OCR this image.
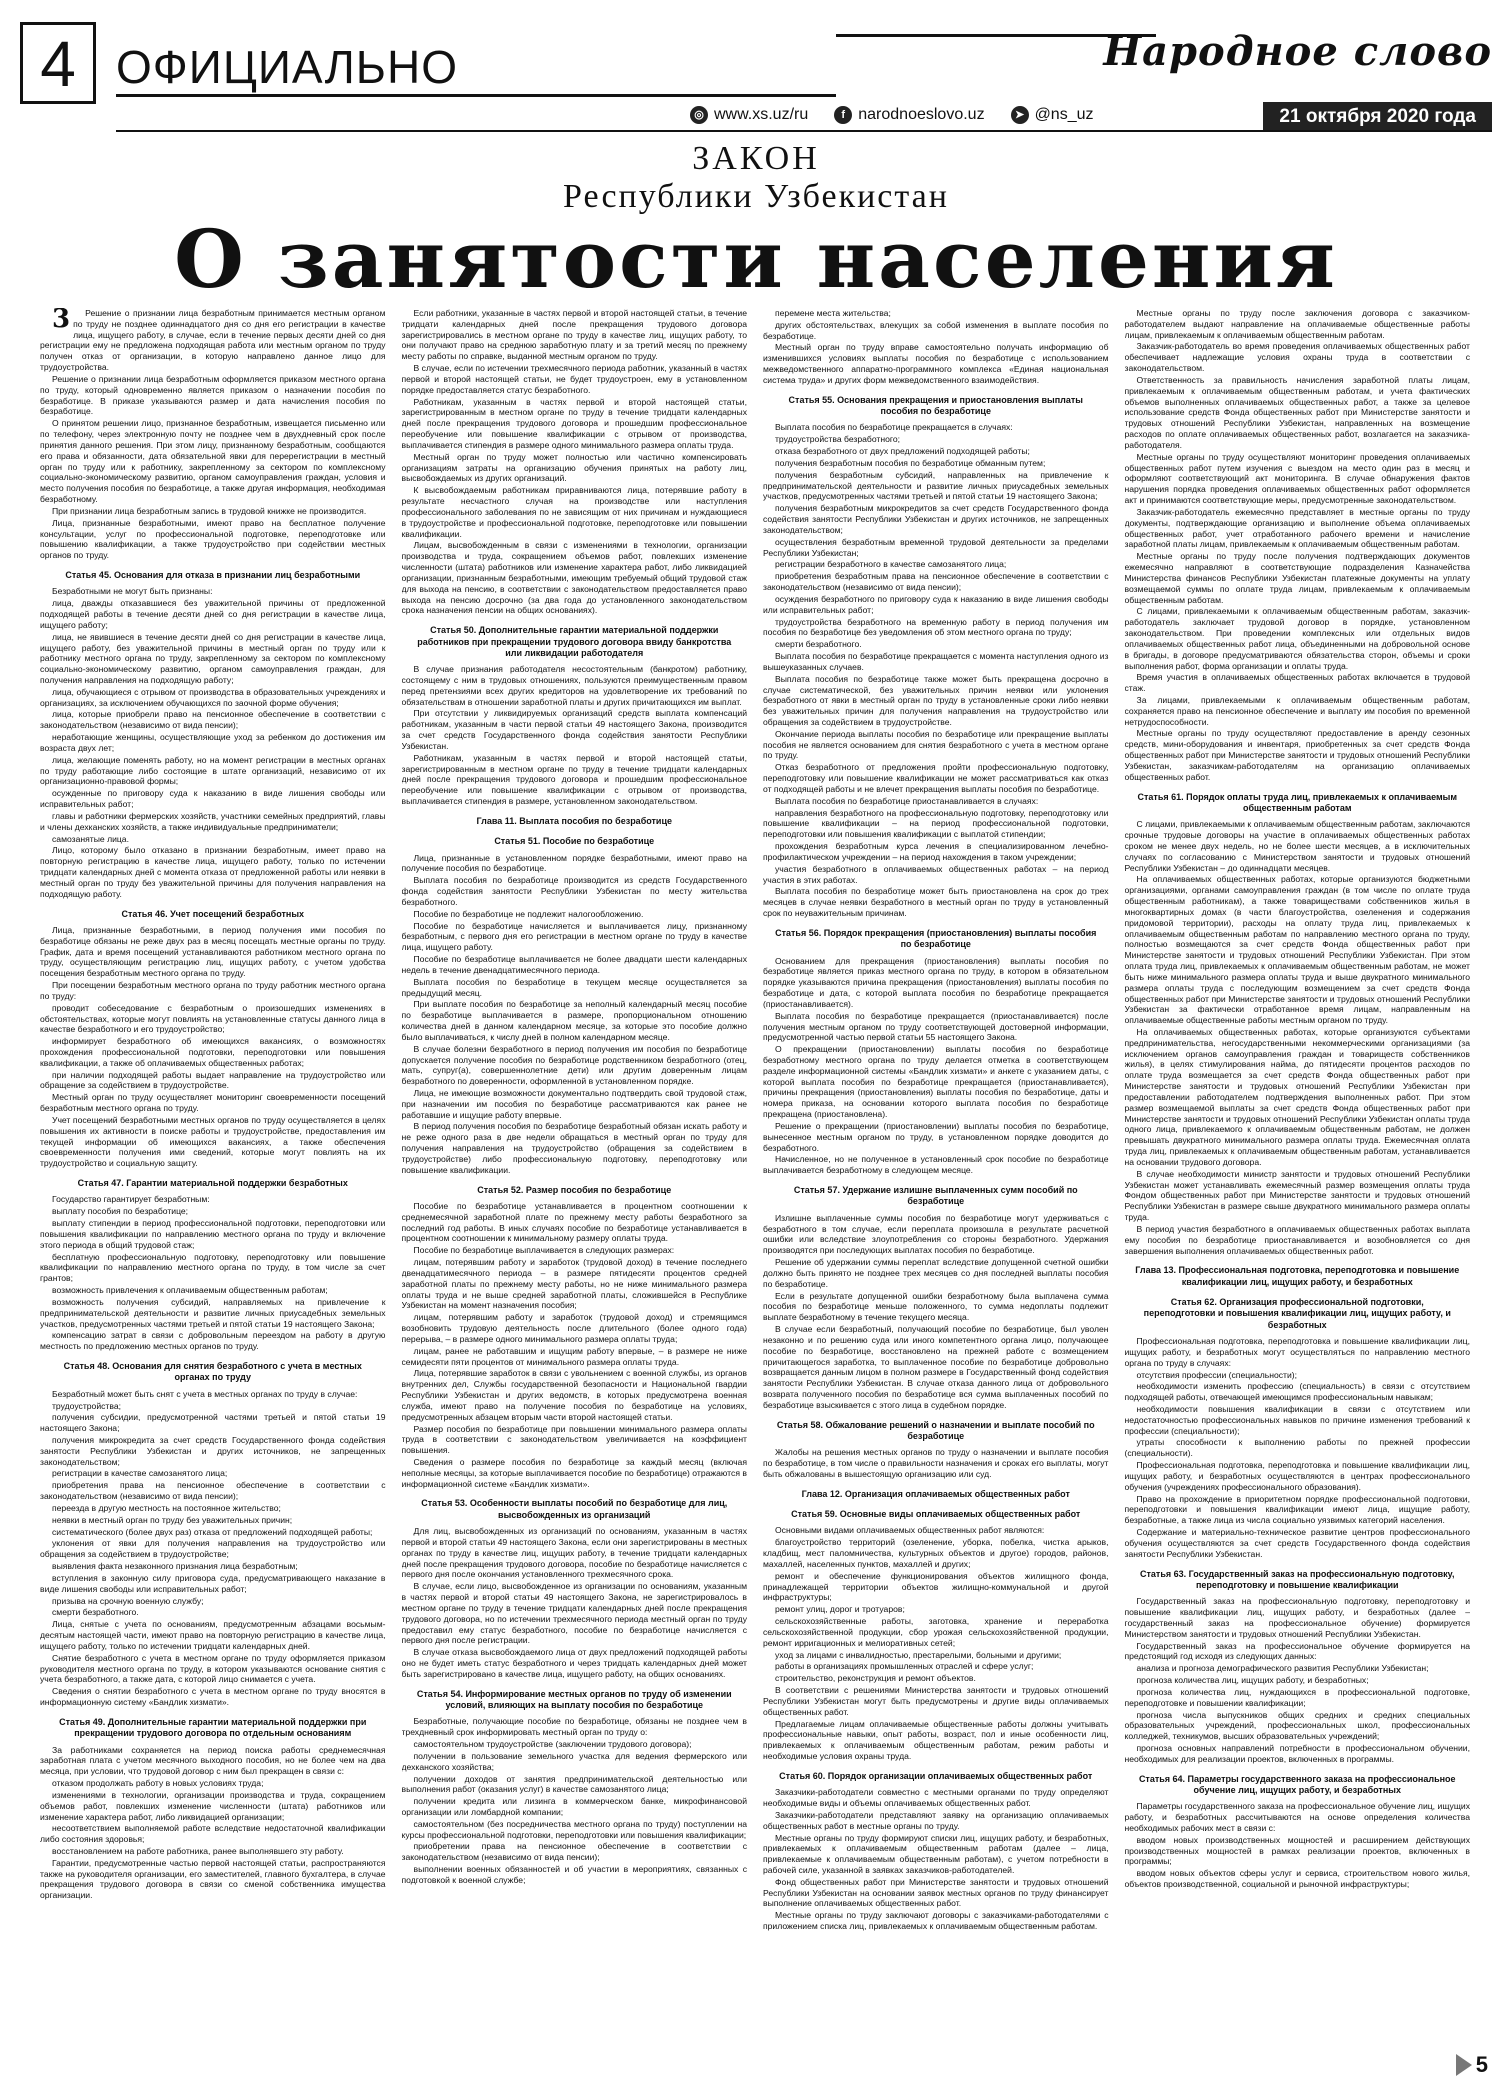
4 ОФИЦИАЛЬНО	Народное слово
◎ www.xs.uz/ru	f narodnoeslovo.uz	➤ @ns_uz	21 октября 2020 года
ЗАКОН
Республики Узбекистан
О занятости населения

3 Решение о признании лица безработным принимается местным органом по труду не позднее одиннадцатого дня со дня его регистрации в качестве лица, ищущего работу, в случае, если в течение первых десяти дней со дня регистрации ему не предложена подходящая работа или местным органом по труду получен отказ от организации, в которую направлено данное лицо для трудоустройства.

Решение о признании лица безработным оформляется приказом местного органа по труду, который одновременно является приказом о назначении пособия по безработице. В приказе указываются размер и дата начисления пособия по безработице.

О принятом решении лицо, признанное безработным, извещается письменно или по телефону, через электронную почту не позднее чем в двухдневный срок после принятия данного решения. При этом лицу, признанному безработным, сообщаются его права и обязанности, дата обязательной явки для перерегистрации в местный орган по труду или к работнику, закрепленному за сектором по комплексному социально-экономическому развитию, органом самоуправления граждан, условия и место получения пособия по безработице, а также другая информация, необходимая безработному.

При признании лица безработным запись в трудовой книжке не производится.

Лица, признанные безработными, имеют право на бесплатное получение консультации, услуг по профессиональной подготовке, переподготовке или повышению квалификации, а также трудоустройство при содействии местных органов по труду.

Статья 45. Основания для отказа в признании лиц безработными

Безработными не могут быть признаны:

лица, дважды отказавшиеся без уважительной причины от предложенной подходящей работы в течение десяти дней со дня регистрации в качестве лица, ищущего работу;

лица, не явившиеся в течение десяти дней со дня регистрации в качестве лица, ищущего работу, без уважительной причины в местный орган по труду или к работнику местного органа по труду, закрепленному за сектором по комплексному социально-экономическому развитию, органом самоуправления граждан, для получения направления на подходящую работу;

лица, обучающиеся с отрывом от производства в образовательных учреждениях и организациях, за исключением обучающихся по заочной форме обучения;

лица, которые приобрели право на пенсионное обеспечение в соответствии с законодательством (независимо от вида пенсии);

неработающие женщины, осуществляющие уход за ребенком до достижения им возраста двух лет;

лица, желающие поменять работу, но на момент регистрации в местных органах по труду работающие либо состоящие в штате организаций, независимо от их организационно-правовой формы;

осужденные по приговору суда к наказанию в виде лишения свободы или исправительных работ;

главы и работники фермерских хозяйств, участники семейных предприятий, главы и члены дехканских хозяйств, а также индивидуальные предприниматели;

самозанятые лица.

Лицо, которому было отказано в признании безработным, имеет право на повторную регистрацию в качестве лица, ищущего работу, только по истечении тридцати календарных дней с момента отказа от предложенной работы или неявки в местный орган по труду без уважительной причины для получения направления на подходящую работу.

Статья 46. Учет посещений безработных

Лица, признанные безработными, в период получения ими пособия по безработице обязаны не реже двух раз в месяц посещать местные органы по труду. График, дата и время посещений устанавливаются работником местного органа по труду, осуществляющим регистрацию лиц, ищущих работу, с учетом удобства посещения безработным местного органа по труду.

При посещении безработным местного органа по труду работник местного органа по труду:

проводит собеседование с безработным о произошедших изменениях в обстоятельствах, которые могут повлиять на установленные статусы данного лица в качестве безработного и его трудоустройство;

информирует безработного об имеющихся вакансиях, о возможностях прохождения профессиональной подготовки, переподготовки или повышения квалификации, а также об оплачиваемых общественных работах;

при наличии подходящей работы выдает направление на трудоустройство или обращение за содействием в трудоустройстве.

Местный орган по труду осуществляет мониторинг своевременности посещений безработным местного органа по труду.

Учет посещений безработными местных органов по труду осуществляется в целях повышения их активности в поиске работы и трудоустройстве, предоставления им текущей информации об имеющихся вакансиях, а также обеспечения своевременности получения ими сведений, которые могут повлиять на их трудоустройство и социальную защиту.

Статья 47. Гарантии материальной поддержки безработных

Государство гарантирует безработным:

выплату пособия по безработице;

выплату стипендии в период профессиональной подготовки, переподготовки или повышения квалификации по направлению местного органа по труду и включение этого периода в общий трудовой стаж;

бесплатную профессиональную подготовку, переподготовку или повышение квалификации по направлению местного органа по труду, в том числе за счет грантов;

возможность привлечения к оплачиваемым общественным работам;

возможность получения субсидий, направляемых на привлечение к предпринимательской деятельности и развитие личных приусадебных земельных участков, предусмотренных частями третьей и пятой статьи 19 настоящего Закона;

компенсацию затрат в связи с добровольным переездом на работу в другую местность по предложению местных органов по труду.

Статья 48. Основания для снятия безработного с учета в местных органах по труду

Безработный может быть снят с учета в местных органах по труду в случае:

трудоустройства;

получения субсидии, предусмотренной частями третьей и пятой статьи 19 настоящего Закона;

получения микрокредита за счет средств Государственного фонда содействия занятости Республики Узбекистан и других источников, не запрещенных законодательством;

регистрации в качестве самозанятого лица;

приобретения права на пенсионное обеспечение в соответствии с законодательством (независимо от вида пенсии);

переезда в другую местность на постоянное жительство;

неявки в местный орган по труду без уважительных причин;

систематического (более двух раз) отказа от предложений подходящей работы;

уклонения от явки для получения направления на трудоустройство или обращения за содействием в трудоустройстве;

выявления факта незаконного признания лица безработным;

вступления в законную силу приговора суда, предусматривающего наказание в виде лишения свободы или исправительных работ;

призыва на срочную военную службу;

смерти безработного.

Лица, снятые с учета по основаниям, предусмотренным абзацами восьмым-десятым настоящей части, имеют право на повторную регистрацию в качестве лица, ищущего работу, только по истечении тридцати календарных дней.

Снятие безработного с учета в местном органе по труду оформляется приказом руководителя местного органа по труду, в котором указываются основание снятия с учета безработного, а также дата, с которой лицо снимается с учета.

Сведения о снятии безработного с учета в местном органе по труду вносятся в информационную систему «Бандлик хизмати».

Статья 49. Дополнительные гарантии материальной поддержки при прекращении трудового договора по отдельным основаниям

За работниками сохраняется на период поиска работы среднемесячная заработная плата с учетом месячного выходного пособия, но не более чем на два месяца, при условии, что трудовой договор с ним был прекращен в связи с:

отказом продолжать работу в новых условиях труда;

изменениями в технологии, организации производства и труда, сокращением объемов работ, повлекших изменение численности (штата) работников или изменение характера работ, либо ликвидацией организации;

несоответствием выполняемой работе вследствие недостаточной квалификации либо состояния здоровья;

восстановлением на работе работника, ранее выполнявшего эту работу.

Гарантии, предусмотренные частью первой настоящей статьи, распространяются также на руководителя организации, его заместителей, главного бухгалтера, в случае прекращения трудового договора в связи со сменой собственника имущества организации.

Если работники, указанные в частях первой и второй настоящей статьи, в течение тридцати календарных дней после прекращения трудового договора зарегистрировались в местном органе по труду в качестве лиц, ищущих работу, то они получают право на среднюю заработную плату и за третий месяц по прежнему месту работы по справке, выданной местным органом по труду.

В случае, если по истечении трехмесячного периода работник, указанный в частях первой и второй настоящей статьи, не будет трудоустроен, ему в установленном порядке предоставляется статус безработного.

Работникам, указанным в частях первой и второй настоящей статьи, зарегистрированным в местном органе по труду в течение тридцати календарных дней после прекращения трудового договора и прошедшим профессиональное переобучение или повышение квалификации с отрывом от производства, выплачивается стипендия в размере одного минимального размера оплаты труда.

Местный орган по труду может полностью или частично компенсировать организациям затраты на организацию обучения принятых на работу лиц, высвобождаемых из других организаций.

К высвобождаемым работникам приравниваются лица, потерявшие работу в результате несчастного случая на производстве или наступления профессионального заболевания по не зависящим от них причинам и нуждающиеся в трудоустройстве и профессиональной подготовке, переподготовке или повышении квалификации.

Лицам, высвобожденным в связи с изменениями в технологии, организации производства и труда, сокращением объемов работ, повлекших изменение численности (штата) работников или изменение характера работ, либо ликвидацией организации, признанным безработными, имеющим требуемый общий трудовой стаж для выхода на пенсию, в соответствии с законодательством предоставляется право выхода на пенсию досрочно (за два года до установленного законодательством срока назначения пенсии на общих основаниях).

Статья 50. Дополнительные гарантии материальной поддержки работников при прекращении трудового договора ввиду банкротства или ликвидации работодателя

В случае признания работодателя несостоятельным (банкротом) работнику, состоящему с ним в трудовых отношениях, пользуются преимущественным правом перед претензиями всех других кредиторов на удовлетворение их требований по обязательствам в отношении заработной платы и других причитающихся им выплат.

При отсутствии у ликвидируемых организаций средств выплата компенсаций работникам, указанным в части первой статьи 49 настоящего Закона, производится за счет средств Государственного фонда содействия занятости Республики Узбекистан.

Работникам, указанным в частях первой и второй настоящей статьи, зарегистрированным в местном органе по труду в течение тридцати календарных дней после прекращения трудового договора и прошедшим профессиональное переобучение или повышение квалификации с отрывом от производства, выплачивается стипендия в размере, установленном законодательством.

Глава 11. Выплата пособия по безработице
Статья 51. Пособие по безработице

Лица, признанные в установленном порядке безработными, имеют право на получение пособия по безработице.

Выплата пособия по безработице производится из средств Государственного фонда содействия занятости Республики Узбекистан по месту жительства безработного.

Пособие по безработице не подлежит налогообложению.

Пособие по безработице начисляется и выплачивается лицу, признанному безработным, с первого дня его регистрации в местном органе по труду в качестве лица, ищущего работу.

Пособие по безработице выплачивается не более двадцати шести календарных недель в течение двенадцатимесячного периода.

Выплата пособия по безработице в текущем месяце осуществляется за предыдущий месяц.

При выплате пособия по безработице за неполный календарный месяц пособие по безработице выплачивается в размере, пропорциональном отношению количества дней в данном календарном месяце, за которые это пособие должно было выплачиваться, к числу дней в полном календарном месяце.

В случае болезни безработного в период получения им пособия по безработице допускается получение пособия по безработице родственником безработного (отец, мать, супруг(а), совершеннолетние дети) или другим доверенным лицам безработного по доверенности, оформленной в установленном порядке.

Лица, не имеющие возможности документально подтвердить свой трудовой стаж, при назначении им пособия по безработице рассматриваются как ранее не работавшие и ищущие работу впервые.

В период получения пособия по безработице безработный обязан искать работу и не реже одного раза в две недели обращаться в местный орган по труду для получения направления на трудоустройство (обращения за содействием в трудоустройстве) либо профессиональную подготовку, переподготовку или повышение квалификации.

Статья 52. Размер пособия по безработице

Пособие по безработице устанавливается в процентном соотношении к среднемесячной заработной плате по прежнему месту работы безработного за последний год работы. В иных случаях пособие по безработице устанавливается в процентном соотношении к минимальному размеру оплаты труда.

Пособие по безработице выплачивается в следующих размерах:

лицам, потерявшим работу и заработок (трудовой доход) в течение последнего двенадцатимесячного периода – в размере пятидесяти процентов средней заработной платы по прежнему месту работы, но не ниже минимального размера оплаты труда и не выше средней заработной платы, сложившейся в Республике Узбекистан на момент назначения пособия;

лицам, потерявшим работу и заработок (трудовой доход) и стремящимся возобновить трудовую деятельность после длительного (более одного года) перерыва, – в размере одного минимального размера оплаты труда;

лицам, ранее не работавшим и ищущим работу впервые, – в размере не ниже семидесяти пяти процентов от минимального размера оплаты труда.

Лица, потерявшие заработок в связи с увольнением с военной службы, из органов внутренних дел, Службы государственной безопасности и Национальной гвардии Республики Узбекистан и других ведомств, в которых предусмотрена военная служба, имеют право на получение пособия по безработице на условиях, предусмотренных абзацем вторым части второй настоящей статьи.

Размер пособия по безработице при повышении минимального размера оплаты труда в соответствии с законодательством увеличивается на коэффициент повышения.

Сведения о размере пособия по безработице за каждый месяц (включая неполные месяцы, за которые выплачивается пособие по безработице) отражаются в информационной системе «Бандлик хизмати».

Статья 53. Особенности выплаты пособий по безработице для лиц, высвобожденных из организаций

Для лиц, высвобожденных из организаций по основаниям, указанным в частях первой и второй статьи 49 настоящего Закона, если они зарегистрированы в местных органах по труду в качестве лиц, ищущих работу, в течение тридцати календарных дней после прекращения трудового договора, пособие по безработице начисляется с первого дня после окончания установленного трехмесячного срока.

В случае, если лицо, высвобожденное из организации по основаниям, указанным в частях первой и второй статьи 49 настоящего Закона, не зарегистрировалось в местном органе по труду в течение тридцати календарных дней после прекращения трудового договора, но по истечении трехмесячного периода местный орган по труду предоставил ему статус безработного, пособие по безработице начисляется с первого дня после регистрации.

В случае отказа высвобождаемого лица от двух предложений подходящей работы оно не будет иметь статус безработного и через тридцать календарных дней может быть зарегистрировано в качестве лица, ищущего работу, на общих основаниях.

Статья 54. Информирование местных органов по труду об изменении условий, влияющих на выплату пособия по безработице

Безработные, получающие пособие по безработице, обязаны не позднее чем в трехдневный срок информировать местный орган по труду о:

самостоятельном трудоустройстве (заключении трудового договора);

получении в пользование земельного участка для ведения фермерского или дехканского хозяйства;

получении доходов от занятия предпринимательской деятельностью или выполнения работ (оказания услуг) в качестве самозанятого лица;

получении кредита или лизинга в коммерческом банке, микрофинансовой организации или ломбардной компании;

самостоятельном (без посредничества местного органа по труду) поступлении на курсы профессиональной подготовки, переподготовки или повышения квалификации;

приобретении права на пенсионное обеспечение в соответствии с законодательством (независимо от вида пенсии);

выполнении военных обязанностей и об участии в мероприятиях, связанных с подготовкой к военной службе;

перемене места жительства;

других обстоятельствах, влекущих за собой изменения в выплате пособия по безработице.

Местный орган по труду вправе самостоятельно получать информацию об изменившихся условиях выплаты пособия по безработице с использованием межведомственного аппаратно-программного комплекса «Единая национальная система труда» и других форм межведомственного взаимодействия.

Статья 55. Основания прекращения и приостановления выплаты пособия по безработице

Выплата пособия по безработице прекращается в случаях:

трудоустройства безработного;

отказа безработного от двух предложений подходящей работы;

получения безработным пособия по безработице обманным путем;

получения безработным субсидий, направленных на привлечение к предпринимательской деятельности и развитие личных приусадебных земельных участков, предусмотренных частями третьей и пятой статьи 19 настоящего Закона;

получения безработным микрокредитов за счет средств Государственного фонда содействия занятости Республики Узбекистан и других источников, не запрещенных законодательством;

осуществления безработным временной трудовой деятельности за пределами Республики Узбекистан;

регистрации безработного в качестве самозанятого лица;

приобретения безработным права на пенсионное обеспечение в соответствии с законодательством (независимо от вида пенсии);

осуждения безработного по приговору суда к наказанию в виде лишения свободы или исправительных работ;

трудоустройства безработного на временную работу в период получения им пособия по безработице без уведомления об этом местного органа по труду;

смерти безработного.

Выплата пособия по безработице прекращается с момента наступления одного из вышеуказанных случаев.

Выплата пособия по безработице также может быть прекращена досрочно в случае систематической, без уважительных причин неявки или уклонения безработного от явки в местный орган по труду в установленные сроки либо неявки без уважительных причин для получения направления на трудоустройство или обращения за содействием в трудоустройстве.

Окончание периода выплаты пособия по безработице или прекращение выплаты пособия не является основанием для снятия безработного с учета в местном органе по труду.

Отказ безработного от предложения пройти профессиональную подготовку, переподготовку или повышение квалификации не может рассматриваться как отказ от подходящей работы и не влечет прекращения выплаты пособия по безработице.

Выплата пособия по безработице приостанавливается в случаях:

направления безработного на профессиональную подготовку, переподготовку или повышение квалификации – на период профессиональной подготовки, переподготовки или повышения квалификации с выплатой стипендии;

прохождения безработным курса лечения в специализированном лечебно-профилактическом учреждении – на период нахождения в таком учреждении;

участия безработного в оплачиваемых общественных работах – на период участия в этих работах.

Выплата пособия по безработице может быть приостановлена на срок до трех месяцев в случае неявки безработного в местный орган по труду в установленный срок по неуважительным причинам.

Статья 56. Порядок прекращения (приостановления) выплаты пособия по безработице

Основанием для прекращения (приостановления) выплаты пособия по безработице является приказ местного органа по труду, в котором в обязательном порядке указываются причина прекращения (приостановления) выплаты пособия по безработице и дата, с которой выплата пособия по безработице прекращается (приостанавливается).

Выплата пособия по безработице прекращается (приостанавливается) после получения местным органом по труду соответствующей достоверной информации, предусмотренной частью первой статьи 55 настоящего Закона.

О прекращении (приостановлении) выплаты пособия по безработице безработному местного органа по труду делается отметка в соответствующем разделе информационной системы «Бандлик хизмати» и анкете с указанием даты, с которой выплата пособия по безработице прекращается (приостанавливается), причины прекращения (приостановления) выплаты пособия по безработице, даты и номера приказа, на основании которого выплата пособия по безработице прекращена (приостановлена).

Решение о прекращении (приостановлении) выплаты пособия по безработице, вынесенное местным органом по труду, в установленном порядке доводится до безработного.

Начисленное, но не полученное в установленный срок пособие по безработице выплачивается безработному в следующем месяце.

Статья 57. Удержание излишне выплаченных сумм пособий по безработице

Излишне выплаченные суммы пособия по безработице могут удерживаться с безработного в том случае, если переплата произошла в результате расчетной ошибки или вследствие злоупотребления со стороны безработного. Удержания производятся при последующих выплатах пособия по безработице.

Решение об удержании суммы переплат вследствие допущенной счетной ошибки должно быть принято не позднее трех месяцев со дня последней выплаты пособия по безработице.

Если в результате допущенной ошибки безработному была выплачена сумма пособия по безработице меньше положенного, то сумма недоплаты подлежит выплате безработному в течение текущего месяца.

В случае если безработный, получающий пособие по безработице, был уволен незаконно и по решению суда или иного компетентного органа лицо, получающее пособие по безработице, восстановлено на прежней работе с возмещением причитающегося заработка, то выплаченное пособие по безработице добровольно возвращается данным лицом в полном размере в Государственный фонд содействия занятости Республики Узбекистан. В случае отказа данного лица от добровольного возврата полученного пособия по безработице вся сумма выплаченных пособий по безработице взыскивается с этого лица в судебном порядке.

Статья 58. Обжалование решений о назначении и выплате пособий по безработице

Жалобы на решения местных органов по труду о назначении и выплате пособия по безработице, в том числе о правильности назначения и сроках его выплаты, могут быть обжалованы в вышестоящую организацию или суд.

Глава 12. Организация оплачиваемых общественных работ
Статья 59. Основные виды оплачиваемых общественных работ

Основными видами оплачиваемых общественных работ являются:

благоустройство территорий (озеленение, уборка, побелка, чистка арыков, кладбищ, мест паломничества, культурных объектов и другое) городов, районов, махаллей, населенных пунктов, махаллей и других;

ремонт и обеспечение функционирования объектов жилищного фонда, принадлежащей территории объектов жилищно-коммунальной и другой инфраструктуры;

ремонт улиц, дорог и тротуаров;

сельскохозяйственные работы, заготовка, хранение и переработка сельскохозяйственной продукции, сбор урожая сельскохозяйственной продукции, ремонт ирригационных и мелиоративных сетей;

уход за лицами с инвалидностью, престарелыми, больными и другими;

работы в организациях промышленных отраслей и сфере услуг;

строительство, реконструкция и ремонт объектов.

В соответствии с решениями Министерства занятости и трудовых отношений Республики Узбекистан могут быть предусмотрены и другие виды оплачиваемых общественных работ.

Предлагаемые лицам оплачиваемые общественные работы должны учитывать профессиональные навыки, опыт работы, возраст, пол и иные особенности лиц, привлекаемых к оплачиваемым общественным работам, режим работы и необходимые условия охраны труда.

Статья 60. Порядок организации оплачиваемых общественных работ

Заказчики-работодатели совместно с местными органами по труду определяют необходимые виды и объемы оплачиваемых общественных работ.

Заказчики-работодатели представляют заявку на организацию оплачиваемых общественных работ в местные органы по труду.

Местные органы по труду формируют списки лиц, ищущих работу, и безработных, привлекаемых к оплачиваемым общественным работам (далее – лица, привлекаемые к оплачиваемым общественным работам), с учетом потребности в рабочей силе, указанной в заявках заказчиков-работодателей.

Фонд общественных работ при Министерстве занятости и трудовых отношений Республики Узбекистан на основании заявок местных органов по труду финансирует выполнение оплачиваемых общественных работ.

Местные органы по труду заключают договоры с заказчиками-работодателями с приложением списка лиц, привлекаемых к оплачиваемым общественным работам.

Местные органы по труду после заключения договора с заказчиком-работодателем выдают направление на оплачиваемые общественные работы лицам, привлекаемым к оплачиваемым общественным работам.

Заказчик-работодатель во время проведения оплачиваемых общественных работ обеспечивает надлежащие условия охраны труда в соответствии с законодательством.

Ответственность за правильность начисления заработной платы лицам, привлекаемым к оплачиваемым общественным работам, и учета фактических объемов выполненных оплачиваемых общественных работ, а также за целевое использование средств Фонда общественных работ при Министерстве занятости и трудовых отношений Республики Узбекистан, направленных на возмещение расходов по оплате оплачиваемых общественных работ, возлагается на заказчика-работодателя.

Местные органы по труду осуществляют мониторинг проведения оплачиваемых общественных работ путем изучения с выездом на место один раз в месяц и оформляют соответствующий акт мониторинга. В случае обнаружения фактов нарушения порядка проведения оплачиваемых общественных работ оформляется акт и принимаются соответствующие меры, предусмотренные законодательством.

Заказчик-работодатель ежемесячно представляет в местные органы по труду документы, подтверждающие организацию и выполнение объема оплачиваемых общественных работ, учет отработанного рабочего времени и начисление заработной платы лицам, привлекаемым к оплачиваемым общественным работам.

Местные органы по труду после получения подтверждающих документов ежемесячно направляют в соответствующие подразделения Казначейства Министерства финансов Республики Узбекистан платежные документы на уплату возмещаемой суммы по оплате труда лицам, привлекаемым к оплачиваемым общественным работам.

С лицами, привлекаемыми к оплачиваемым общественным работам, заказчик-работодатель заключает трудовой договор в порядке, установленном законодательством. При проведении комплексных или отдельных видов оплачиваемых общественных работ лица, объединенными на добровольной основе в бригады, в договоре предусматриваются обязательства сторон, объемы и сроки выполнения работ, форма организации и оплаты труда.

Время участия в оплачиваемых общественных работах включается в трудовой стаж.

За лицами, привлекаемыми к оплачиваемым общественным работам, сохраняется право на пенсионное обеспечение и выплату им пособия по временной нетрудоспособности.

Местные органы по труду осуществляют предоставление в аренду сезонных средств, мини-оборудования и инвентаря, приобретенных за счет средств Фонда общественных работ при Министерстве занятости и трудовых отношений Республики Узбекистан, заказчикам-работодателям на организацию оплачиваемых общественных работ.

Статья 61. Порядок оплаты труда лиц, привлекаемых к оплачиваемым общественным работам

С лицами, привлекаемыми к оплачиваемым общественным работам, заключаются срочные трудовые договоры на участие в оплачиваемых общественных работах сроком не менее двух недель, но не более шести месяцев, а в исключительных случаях по согласованию с Министерством занятости и трудовых отношений Республики Узбекистан – до одиннадцати месяцев.

На оплачиваемых общественных работах, которые организуются бюджетными организациями, органами самоуправления граждан (в том числе по оплате труда общественным работникам), а также товариществами собственников жилья в многоквартирных домах (в части благоустройства, озеленения и содержания придомовой территории), расходы на оплату труда лиц, привлекаемых к оплачиваемым общественным работам по направлению местного органа по труду, полностью возмещаются за счет средств Фонда общественных работ при Министерстве занятости и трудовых отношений Республики Узбекистан. При этом оплата труда лиц, привлекаемых к оплачиваемым общественным работам, не может быть ниже минимального размера оплаты труда и выше двукратного минимального размера оплаты труда с последующим возмещением за счет средств Фонда общественных работ при Министерстве занятости и трудовых отношений Республики Узбекистан за фактически отработанное время лицам, направленным на оплачиваемые общественные работы местным органом по труду.

На оплачиваемых общественных работах, которые организуются субъектами предпринимательства, негосударственными некоммерческими организациями (за исключением органов самоуправления граждан и товариществ собственников жилья), в целях стимулирования найма, до пятидесяти процентов расходов по оплате труда возмещается за счет средств Фонда общественных работ при Министерстве занятости и трудовых отношений Республики Узбекистан при предоставлении работодателем подтверждения выполненных работ. При этом размер возмещаемой выплаты за счет средств Фонда общественных работ при Министерстве занятости и трудовых отношений Республики Узбекистан оплаты труда одного лица, привлекаемого к оплачиваемым общественным работам, не должен превышать двукратного минимального размера оплаты труда. Ежемесячная оплата труда лиц, привлекаемых к оплачиваемым общественным работам, устанавливается на основании трудового договора.

В случае необходимости министр занятости и трудовых отношений Республики Узбекистан может устанавливать ежемесячный размер возмещения оплаты труда Фондом общественных работ при Министерстве занятости и трудовых отношений Республики Узбекистан в размере свыше двукратного минимального размера оплаты труда.

В период участия безработного в оплачиваемых общественных работах выплата ему пособия по безработице приостанавливается и возобновляется со дня завершения выполнения оплачиваемых общественных работ.

Глава 13. Профессиональная подготовка, переподготовка и повышение квалификации лиц, ищущих работу, и безработных
Статья 62. Организация профессиональной подготовки, переподготовки и повышения квалификации лиц, ищущих работу, и безработных

Профессиональная подготовка, переподготовка и повышение квалификации лиц, ищущих работу, и безработных могут осуществляться по направлению местного органа по труду в случаях:

отсутствия профессии (специальности);

необходимости изменить профессию (специальность) в связи с отсутствием подходящей работы, отвечающей имеющимся профессиональным навыкам;

необходимости повышения квалификации в связи с отсутствием или недостаточностью профессиональных навыков по причине изменения требований к профессии (специальности);

утраты способности к выполнению работы по прежней профессии (специальности).

Профессиональная подготовка, переподготовка и повышение квалификации лиц, ищущих работу, и безработных осуществляются в центрах профессионального обучения (учреждениях профессионального образования).

Право на прохождение в приоритетном порядке профессиональной подготовки, переподготовки и повышения квалификации имеют лица, ищущие работу, безработные, а также лица из числа социально уязвимых категорий населения.

Содержание и материально-техническое развитие центров профессионального обучения осуществляются за счет средств Государственного фонда содействия занятости Республики Узбекистан.

Статья 63. Государственный заказ на профессиональную подготовку, переподготовку и повышение квалификации

Государственный заказ на профессиональную подготовку, переподготовку и повышение квалификации лиц, ищущих работу, и безработных (далее – государственный заказ на профессиональное обучение) формируется Министерством занятости и трудовых отношений Республики Узбекистан.

Государственный заказ на профессиональное обучение формируется на предстоящий год исходя из следующих данных:

анализа и прогноза демографического развития Республики Узбекистан;

прогноза количества лиц, ищущих работу, и безработных;

прогноза количества лиц, нуждающихся в профессиональной подготовке, переподготовке и повышении квалификации;

прогноза числа выпускников общих средних и средних специальных образовательных учреждений, профессиональных школ, профессиональных колледжей, техникумов, высших образовательных учреждений;

прогноза основных направлений потребности в профессиональном обучении, необходимых для реализации проектов, включенных в программы.

Статья 64. Параметры государственного заказа на профессиональное обучение лиц, ищущих работу, и безработных

Параметры государственного заказа на профессиональное обучение лиц, ищущих работу, и безработных рассчитываются на основе определения количества необходимых рабочих мест в связи с:

вводом новых производственных мощностей и расширением действующих производственных мощностей в рамках реализации проектов, включенных в программы;

вводом новых объектов сферы услуг и сервиса, строительством нового жилья, объектов производственной, социальной и рыночной инфраструктуры;

5
